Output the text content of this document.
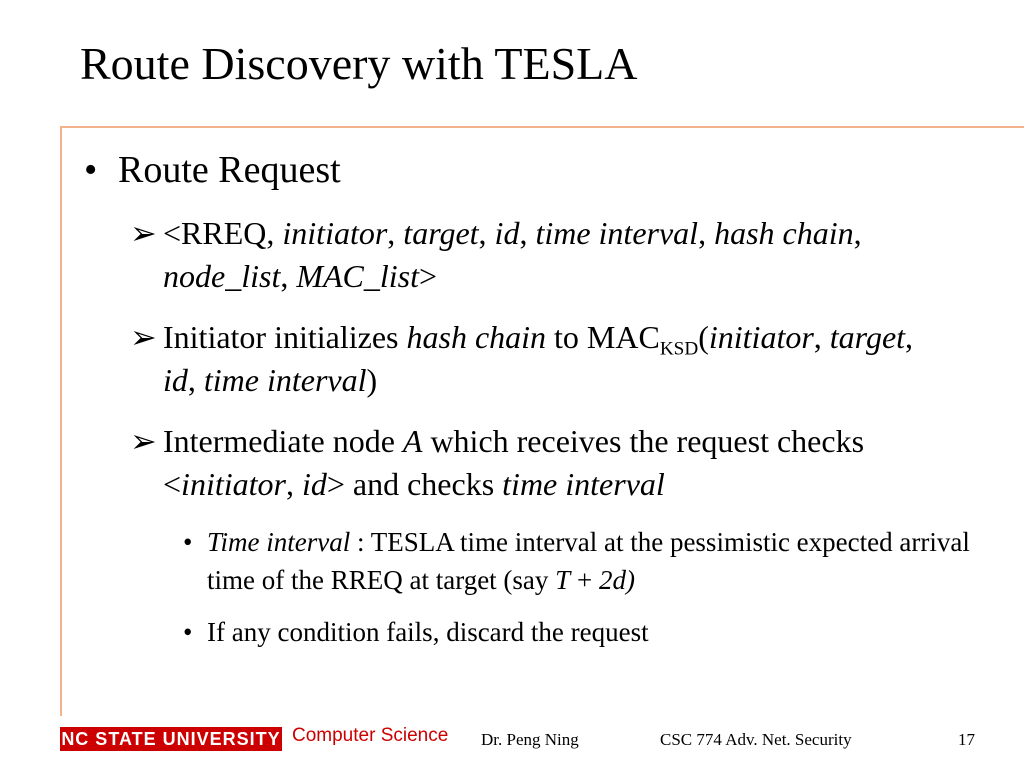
Route Discovery with TESLA
• Route Request
➢ <RREQ, initiator, target, id, time interval, hash chain, node_list, MAC_list>
➢ Initiator initializes hash chain to $MAC_{KSD}(initiator$, target, id, time interval)
➢ Intermediate node A which receives the request checks <initiator, id> and checks time interval
• Time interval : TESLA time interval at the pessimistic expected arrival time of the RREQ at target (say T + 2d)
• If any condition fails, discard the request
NC STATE UNIVERSITY Computer Science Dr. Peng Ning	CSC 774 Adv. Net. Security	17
